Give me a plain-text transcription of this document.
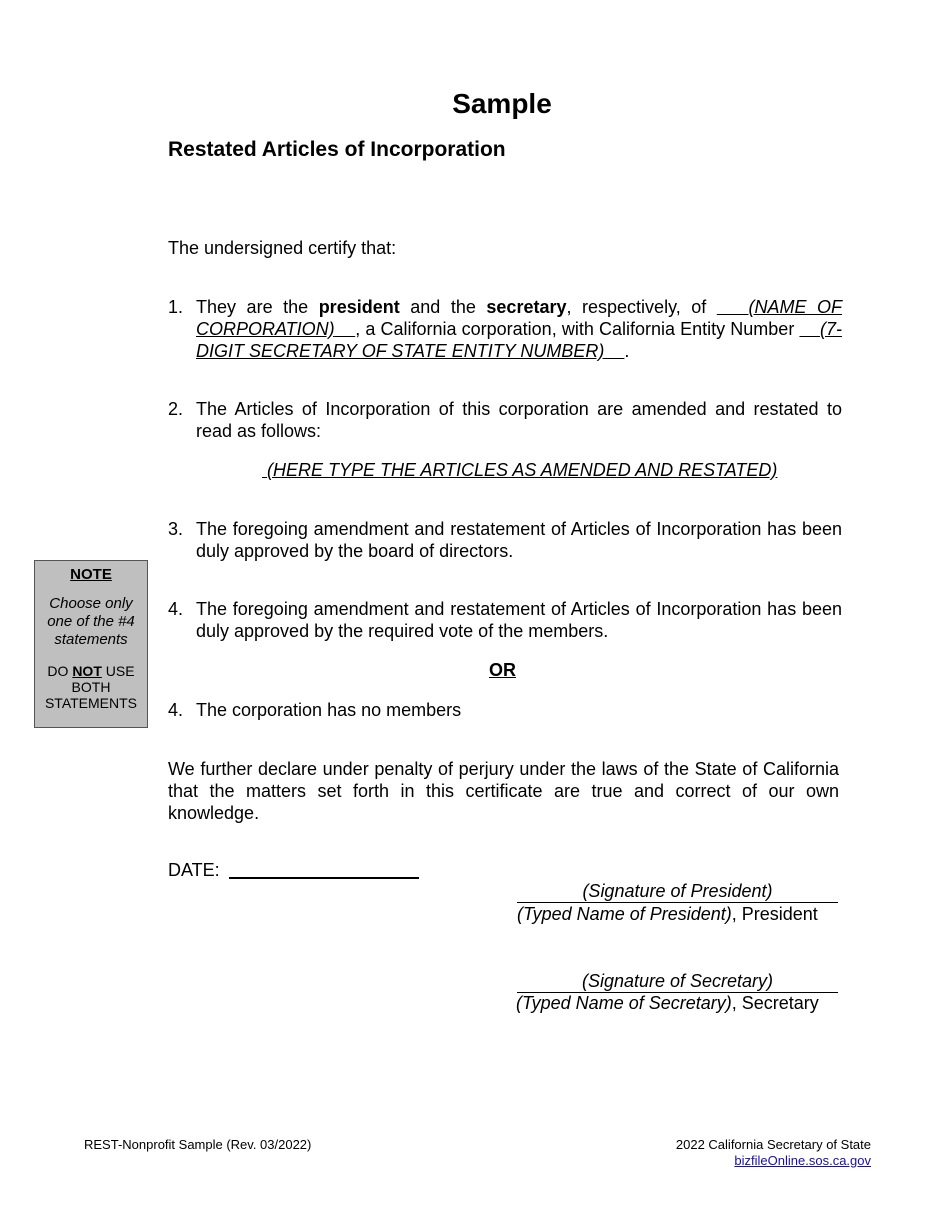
Sample
Restated Articles of Incorporation
The undersigned certify that:
1. They are the president and the secretary, respectively, of    (NAME OF CORPORATION) , a California corporation, with California Entity Number     (7-DIGIT SECRETARY OF STATE ENTITY NUMBER) .
2. The Articles of Incorporation of this corporation are amended and restated to read as follows:
(HERE TYPE THE ARTICLES AS AMENDED AND RESTATED)
3. The foregoing amendment and restatement of Articles of Incorporation has been duly approved by the board of directors.
NOTE
Choose only one of the #4 statements
DO NOT USE
BOTH STATEMENTS
4. The foregoing amendment and restatement of Articles of Incorporation has been duly approved by the required vote of the members.
OR
4. The corporation has no members
We further declare under penalty of perjury under the laws of the State of California that the matters set forth in this certificate are true and correct of our own knowledge.
DATE:
(Signature of President)
(Typed Name of President), President
(Signature of Secretary)
(Typed Name of Secretary), Secretary
REST-Nonprofit Sample (Rev. 03/2022)	2022 California Secretary of State
bizfileOnline.sos.ca.gov
